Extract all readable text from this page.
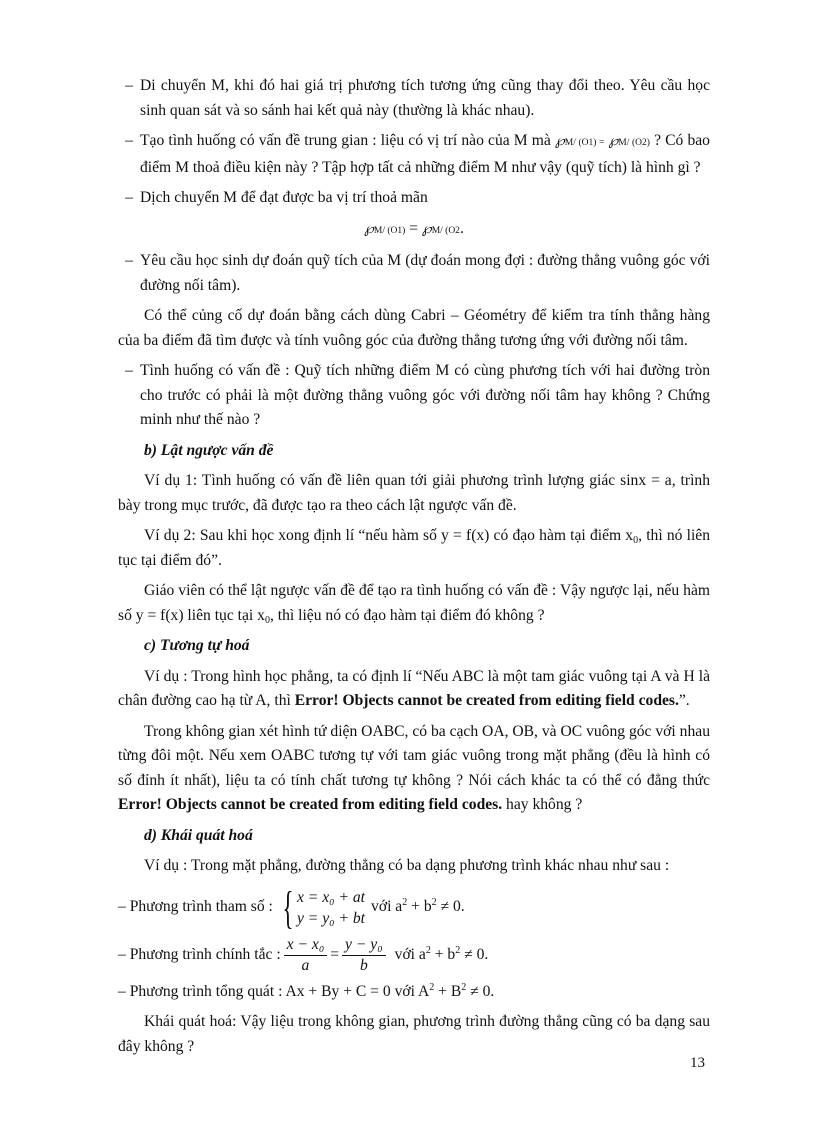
– Di chuyển M, khi đó hai giá trị phương tích tương ứng cũng thay đổi theo. Yêu cầu học sinh quan sát và so sánh hai kết quả này (thường là khác nhau).

– Tạo tình huống có vấn đề trung gian : liệu có vị trí nào của M mà ℘M/ (O1) = ℘M/ (O2) ? Có bao điểm M thoả điều kiện này ? Tập hợp tất cả những điểm M như vậy (quỹ tích) là hình gì ?

– Dịch chuyển M để đạt được ba vị trí thoả mãn

℘M/ (O1) = ℘M/ (O2.

– Yêu cầu học sinh dự đoán quỹ tích của M (dự đoán mong đợi : đường thẳng vuông góc với đường nối tâm).

Có thể củng cố dự đoán bằng cách dùng Cabri – Géométry để kiểm tra tính thẳng hàng của ba điểm đã tìm được và tính vuông góc của đường thẳng tương ứng với đường nối tâm.

– Tình huống có vấn đề : Quỹ tích những điểm M có cùng phương tích với hai đường tròn cho trước có phải là một đường thẳng vuông góc với đường nối tâm hay không ? Chứng minh như thế nào ?

b) Lật ngược vấn đề

Ví dụ 1: Tình huống có vấn đề liên quan tới giải phương trình lượng giác sinx = a, trình bày trong mục trước, đã được tạo ra theo cách lật ngược vấn đề.

Ví dụ 2: Sau khi học xong định lí “nếu hàm số y = f(x) có đạo hàm tại điểm $x_0$, thì nó liên tục tại điểm đó”.

Giáo viên có thể lật ngược vấn đề để tạo ra tình huống có vấn đề : Vậy ngược lại, nếu hàm số y = f(x) liên tục tại $x_0$, thì liệu nó có đạo hàm tại điểm đó không ?

c) Tương tự hoá

Ví dụ : Trong hình học phẳng, ta có định lí “Nếu ABC là một tam giác vuông tại A và H là chân đường cao hạ từ A, thì Error! Objects cannot be created from editing field codes.”.

Trong không gian xét hình tứ diện OABC, có ba cạch OA, OB, và OC vuông góc với nhau từng đôi một. Nếu xem OABC tương tự với tam giác vuông trong mặt phẳng (đều là hình có số đỉnh ít nhất), liệu ta có tính chất tương tự không ? Nói cách khác ta có thể có đẳng thức Error! Objects cannot be created from editing field codes. hay không ?

d) Khái quát hoá

Ví dụ : Trong mặt phẳng, đường thẳng có ba dạng phương trình khác nhau như sau :

– Phương trình tham số : { x = x₀ + at
y = y₀ + bt
với $a^2 + b^2 \ne 0$.
– Phương trình chính tắc : $\frac{\text{x − x₀}}{a} = \frac{\text{y − y₀}}{b}$ với $a^2 + b^2 \ne 0$.

– Phương trình tổng quát : Ax + By + C = 0 với $A^2 + B^2 \ne 0$.

Khái quát hoá: Vậy liệu trong không gian, phương trình đường thẳng cũng có ba dạng sau đây không ?

13
